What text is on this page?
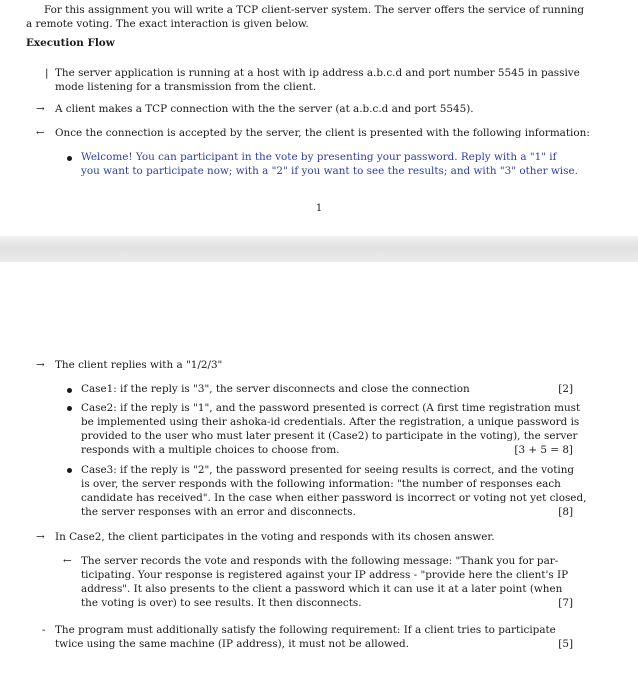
For this assignment you will write a TCP client-server system. The server offers the service of running
a remote voting. The exact interaction is given below.
Execution Flow
| The server application is running at a host with ip address a.b.c.d and port number 5545 in passive
mode listening for a transmission from the client.
→ A client makes a TCP connection with the the server (at a.b.c.d and port 5545).
← Once the connection is accepted by the server, the client is presented with the following information:
Welcome! You can participant in the vote by presenting your password. Reply with a "1" if
you want to participate now; with a "2" if you want to see the results; and with "3" other wise.
1
→ The client replies with a "1/2/3"
Case1: if the reply is "3", the server disconnects and close the connection	[2]
Case2: if the reply is "1", and the password presented is correct (A first time registration must
be implemented using their ashoka-id credentials. After the registration, a unique password is
provided to the user who must later present it (Case2) to participate in the voting), the server
responds with a multiple choices to choose from.	[3 + 5 = 8]
Case3: if the reply is "2", the password presented for seeing results is correct, and the voting
is over, the server responds with the following information: "the number of responses each
candidate has received". In the case when either password is incorrect or voting not yet closed,
the server responses with an error and disconnects.	[8]
→ In Case2, the client participates in the voting and responds with its chosen answer.
← The server records the vote and responds with the following message: "Thank you for par-
ticipating. Your response is registered against your IP address - "provide here the client's IP
address". It also presents to the client a password which it can use it at a later point (when
the voting is over) to see results. It then disconnects.	[7]
- The program must additionally satisfy the following requirement: If a client tries to participate
twice using the same machine (IP address), it must not be allowed.	[5]
